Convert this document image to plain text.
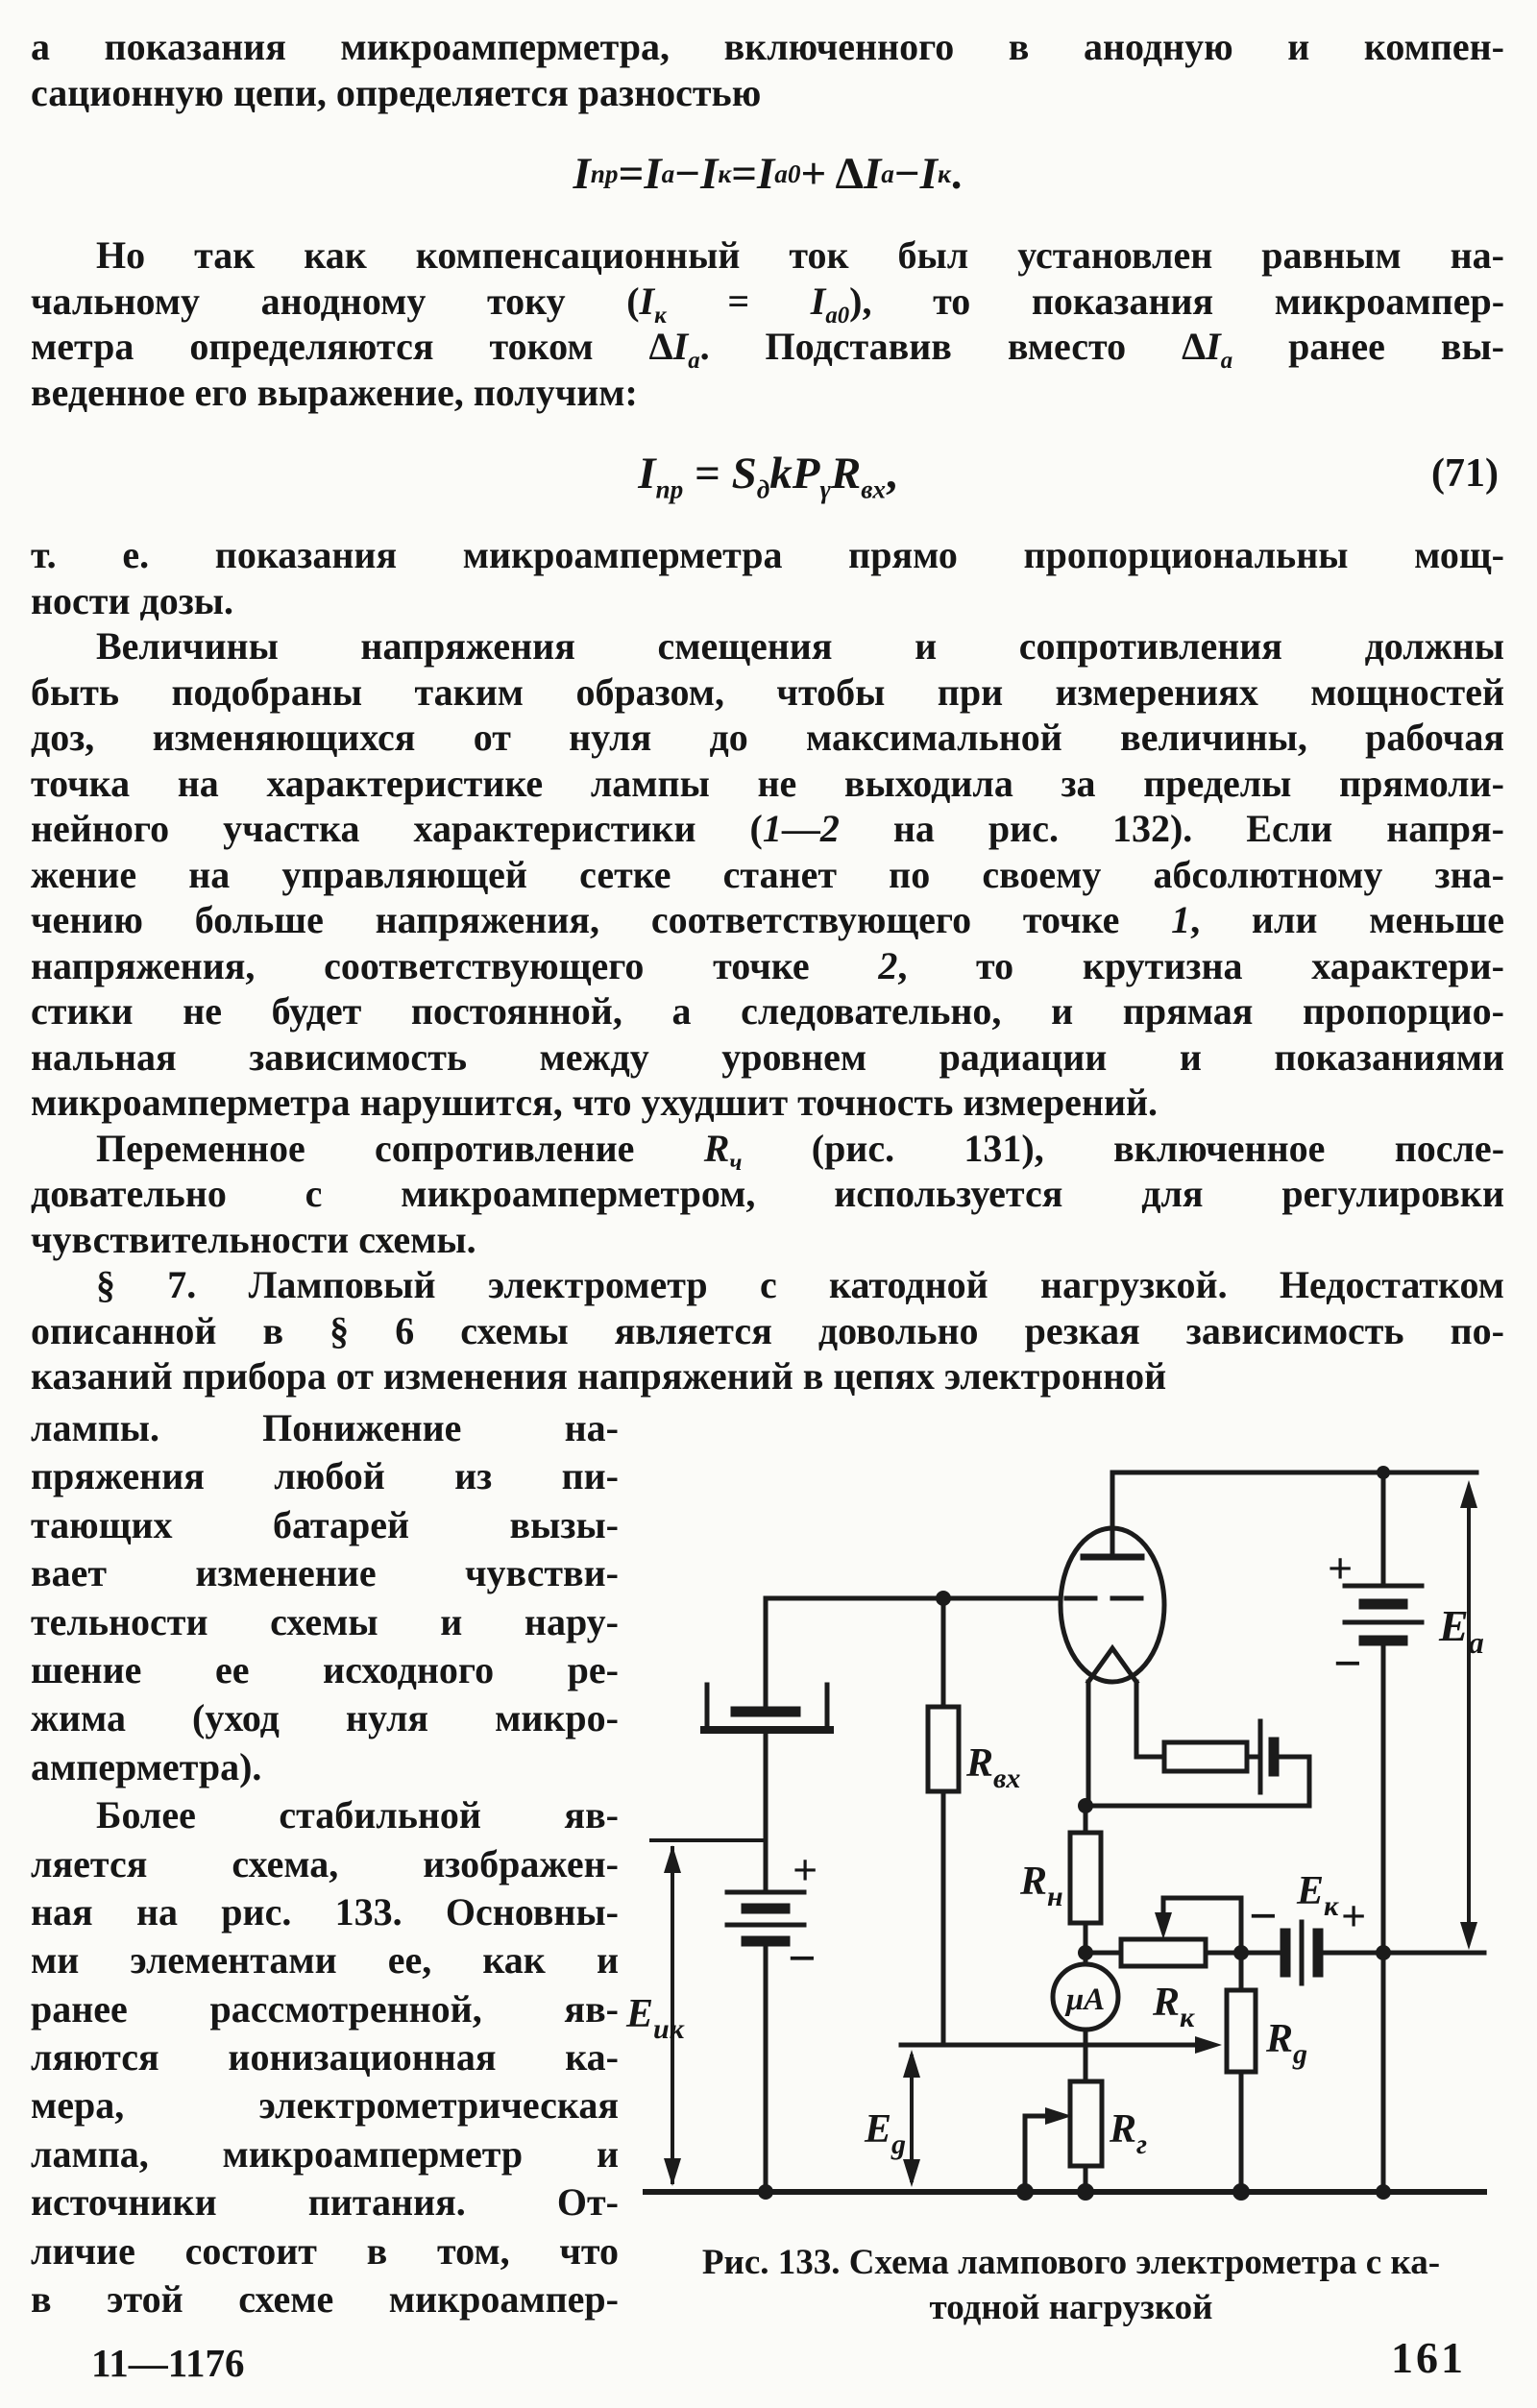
а показания микроамперметра, включенного в анодную и компен-
сационную цепи, определяется разностью
I пр = I а − I к = I а0 + Δ I а − I к .
Но так как компенсационный ток был установлен равным на-
чальному анодному току $(I_к = I_{а0})$, то показания микроампер-
метра определяются током $\Delta I_а$. Подставив вместо $\Delta I_а$ ранее вы-
веденное его выражение, получим:
$I_{пр} = S_дkP_\gamma R_{вх}$,	(71)
т. е. показания микроамперметра прямо пропорциональны мощ-
ности дозы.
Величины напряжения смещения и сопротивления должны
быть подобраны таким образом, чтобы при измерениях мощностей
доз, изменяющихся от нуля до максимальной величины, рабочая
точка на характеристике лампы не выходила за пределы прямоли-
нейного участка характеристики (1—2 на рис. 132). Если напря-
жение на управляющей сетке станет по своему абсолютному зна-
чению больше напряжения, соответствующего точке 1, или меньше
напряжения, соответствующего точке 2, то крутизна характери-
стики не будет постоянной, а следовательно, и прямая пропорцио-
нальная зависимость между уровнем радиации и показаниями
микроамперметра нарушится, что ухудшит точность измерений.
Переменное сопротивление $R_ч$ (рис. 131), включенное после-
довательно с микроамперметром, используется для регулировки
чувствительности схемы.
§ 7. Ламповый электрометр с катодной нагрузкой. Недостатком
описанной в § 6 схемы является довольно резкая зависимость по-
казаний прибора от изменения напряжений в цепях электронной
лампы. Понижение на-
пряжения любой из пи-
тающих батарей вызы-
вает изменение чувстви-
тельности схемы и нару-
шение ее исходного ре-
жима (уход нуля микро-
амперметра).
Более стабильной яв-
ляется схема, изображен-
ная на рис. 133. Основны-
ми элементами ее, как и
ранее рассмотренной, яв-
ляются ионизационная ка-
мера, электрометрическая
лампа, микроамперметр и
источники питания. От-
личие состоит в том, что
в этой схеме микроампер-
$R_{вх}$
$R_н$
$R_к$
$R_г$
$R_g$
$Е_{ик}$
$Е_g$
$Е_к$
$Е_а$
μA
+
−
+
−
− +
Рис. 133. Схема лампового электрометра с ка-
тодной нагрузкой
11—1176	161
